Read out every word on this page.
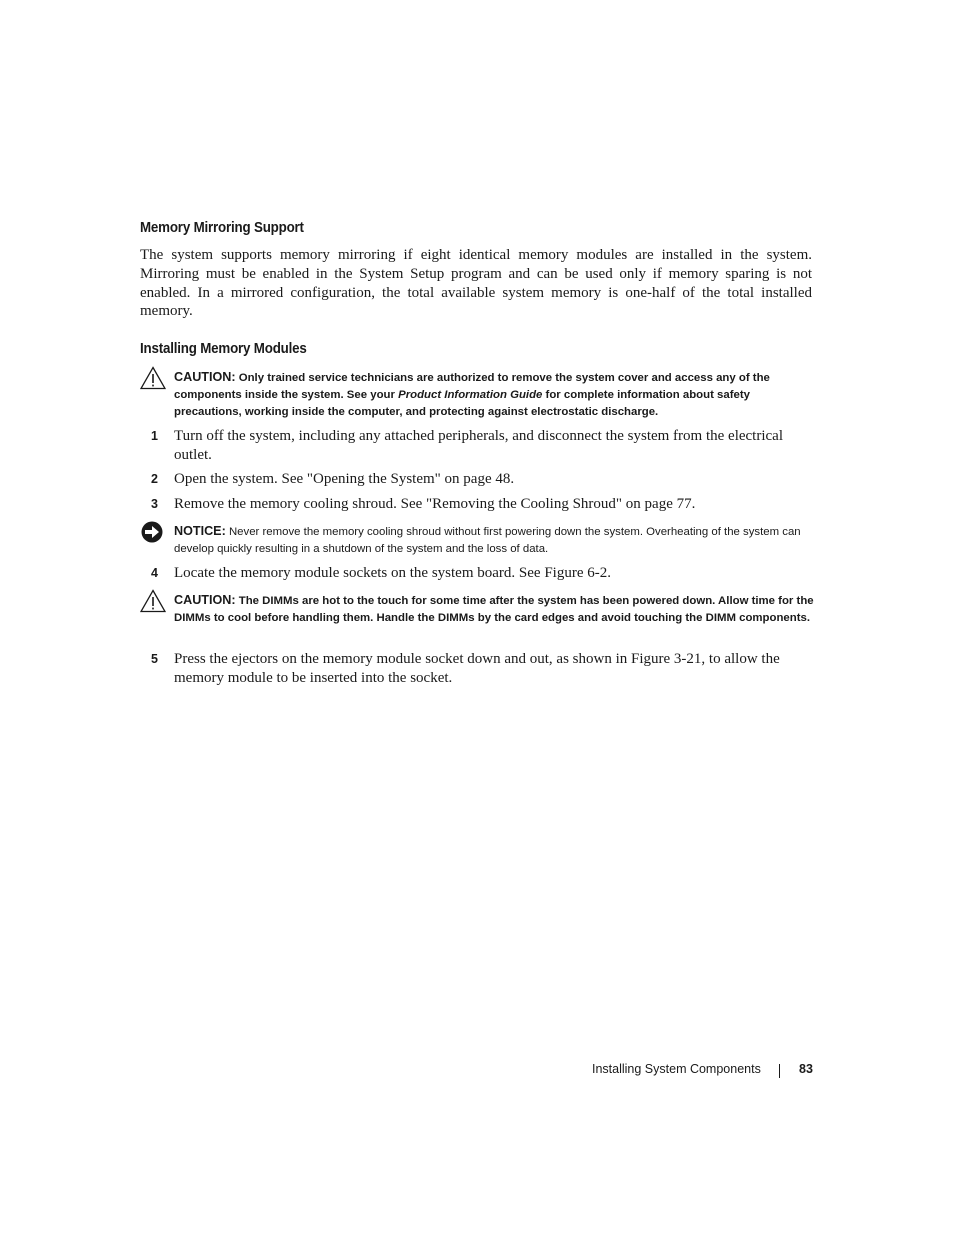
Memory Mirroring Support

The system supports memory mirroring if eight identical memory modules are installed in the system. Mirroring must be enabled in the System Setup program and can be used only if memory sparing is not enabled. In a mirrored configuration, the total available system memory is one-half of the total installed memory.

Installing Memory Modules

CAUTION: Only trained service technicians are authorized to remove the system cover and access any of the components inside the system. See your Product Information Guide for complete information about safety precautions, working inside the computer, and protecting against electrostatic discharge.

1 Turn off the system, including any attached peripherals, and disconnect the system from the electrical outlet.

2 Open the system. See "Opening the System" on page 48.

3 Remove the memory cooling shroud. See "Removing the Cooling Shroud" on page 77.

NOTICE: Never remove the memory cooling shroud without first powering down the system. Overheating of the system can develop quickly resulting in a shutdown of the system and the loss of data.

4 Locate the memory module sockets on the system board. See Figure 6-2.

CAUTION: The DIMMs are hot to the touch for some time after the system has been powered down. Allow time for the DIMMs to cool before handling them. Handle the DIMMs by the card edges and avoid touching the DIMM components.

5 Press the ejectors on the memory module socket down and out, as shown in Figure 3-21, to allow the memory module to be inserted into the socket.

Installing System Components	83
